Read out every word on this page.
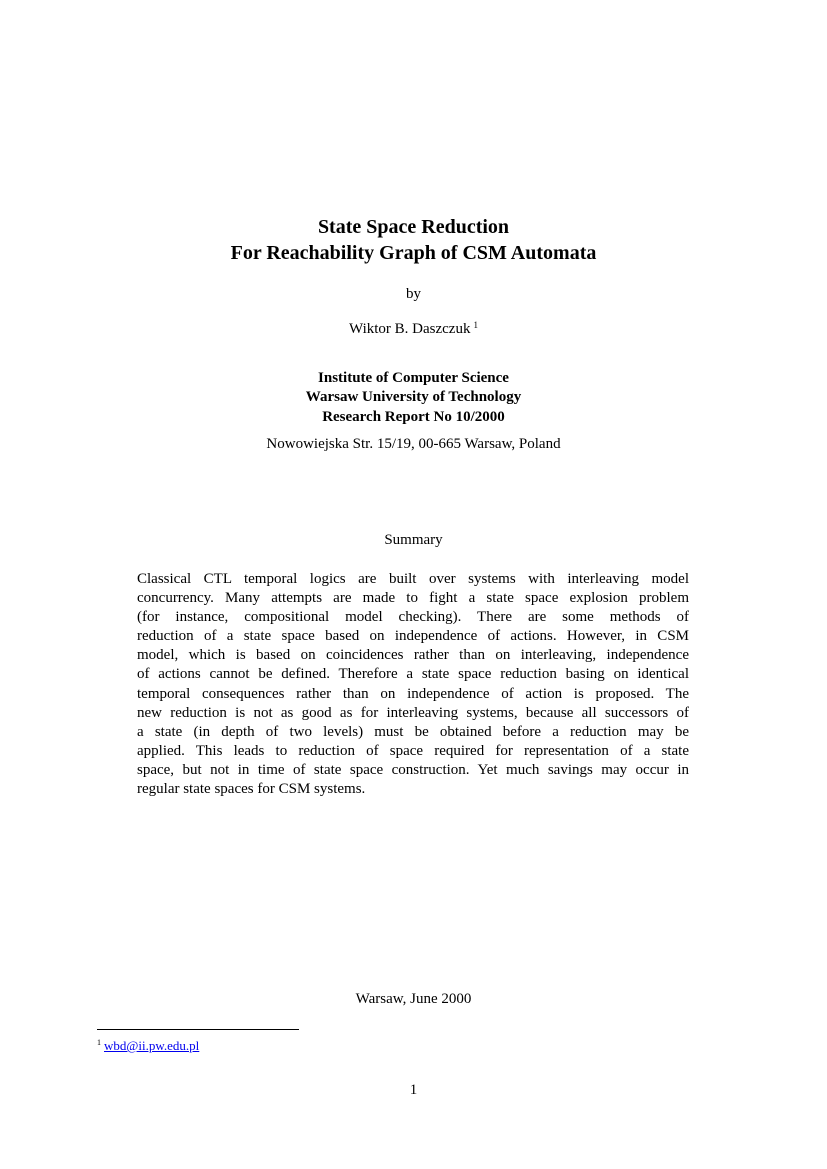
State Space Reduction
For Reachability Graph of CSM Automata
by
Wiktor B. Daszczuk $^1$
Institute of Computer Science
Warsaw University of Technology
Research Report No 10/2000
Nowowiejska Str. 15/19, 00-665 Warsaw, Poland
Summary
Classical CTL temporal logics are built over systems with interleaving model
concurrency. Many attempts are made to fight a state space explosion problem
(for instance, compositional model checking). There are some methods of
reduction of a state space based on independence of actions. However, in CSM
model, which is based on coincidences rather than on interleaving, independence
of actions cannot be defined. Therefore a state space reduction basing on identical
temporal consequences rather than on independence of action is proposed. The
new reduction is not as good as for interleaving systems, because all successors of
a state (in depth of two levels) must be obtained before a reduction may be
applied. This leads to reduction of space required for representation of a state
space, but not in time of state space construction. Yet much savings may occur in
regular state spaces for CSM systems.
Warsaw, June 2000
$^1$ wbd@ii.pw.edu.pl
1
